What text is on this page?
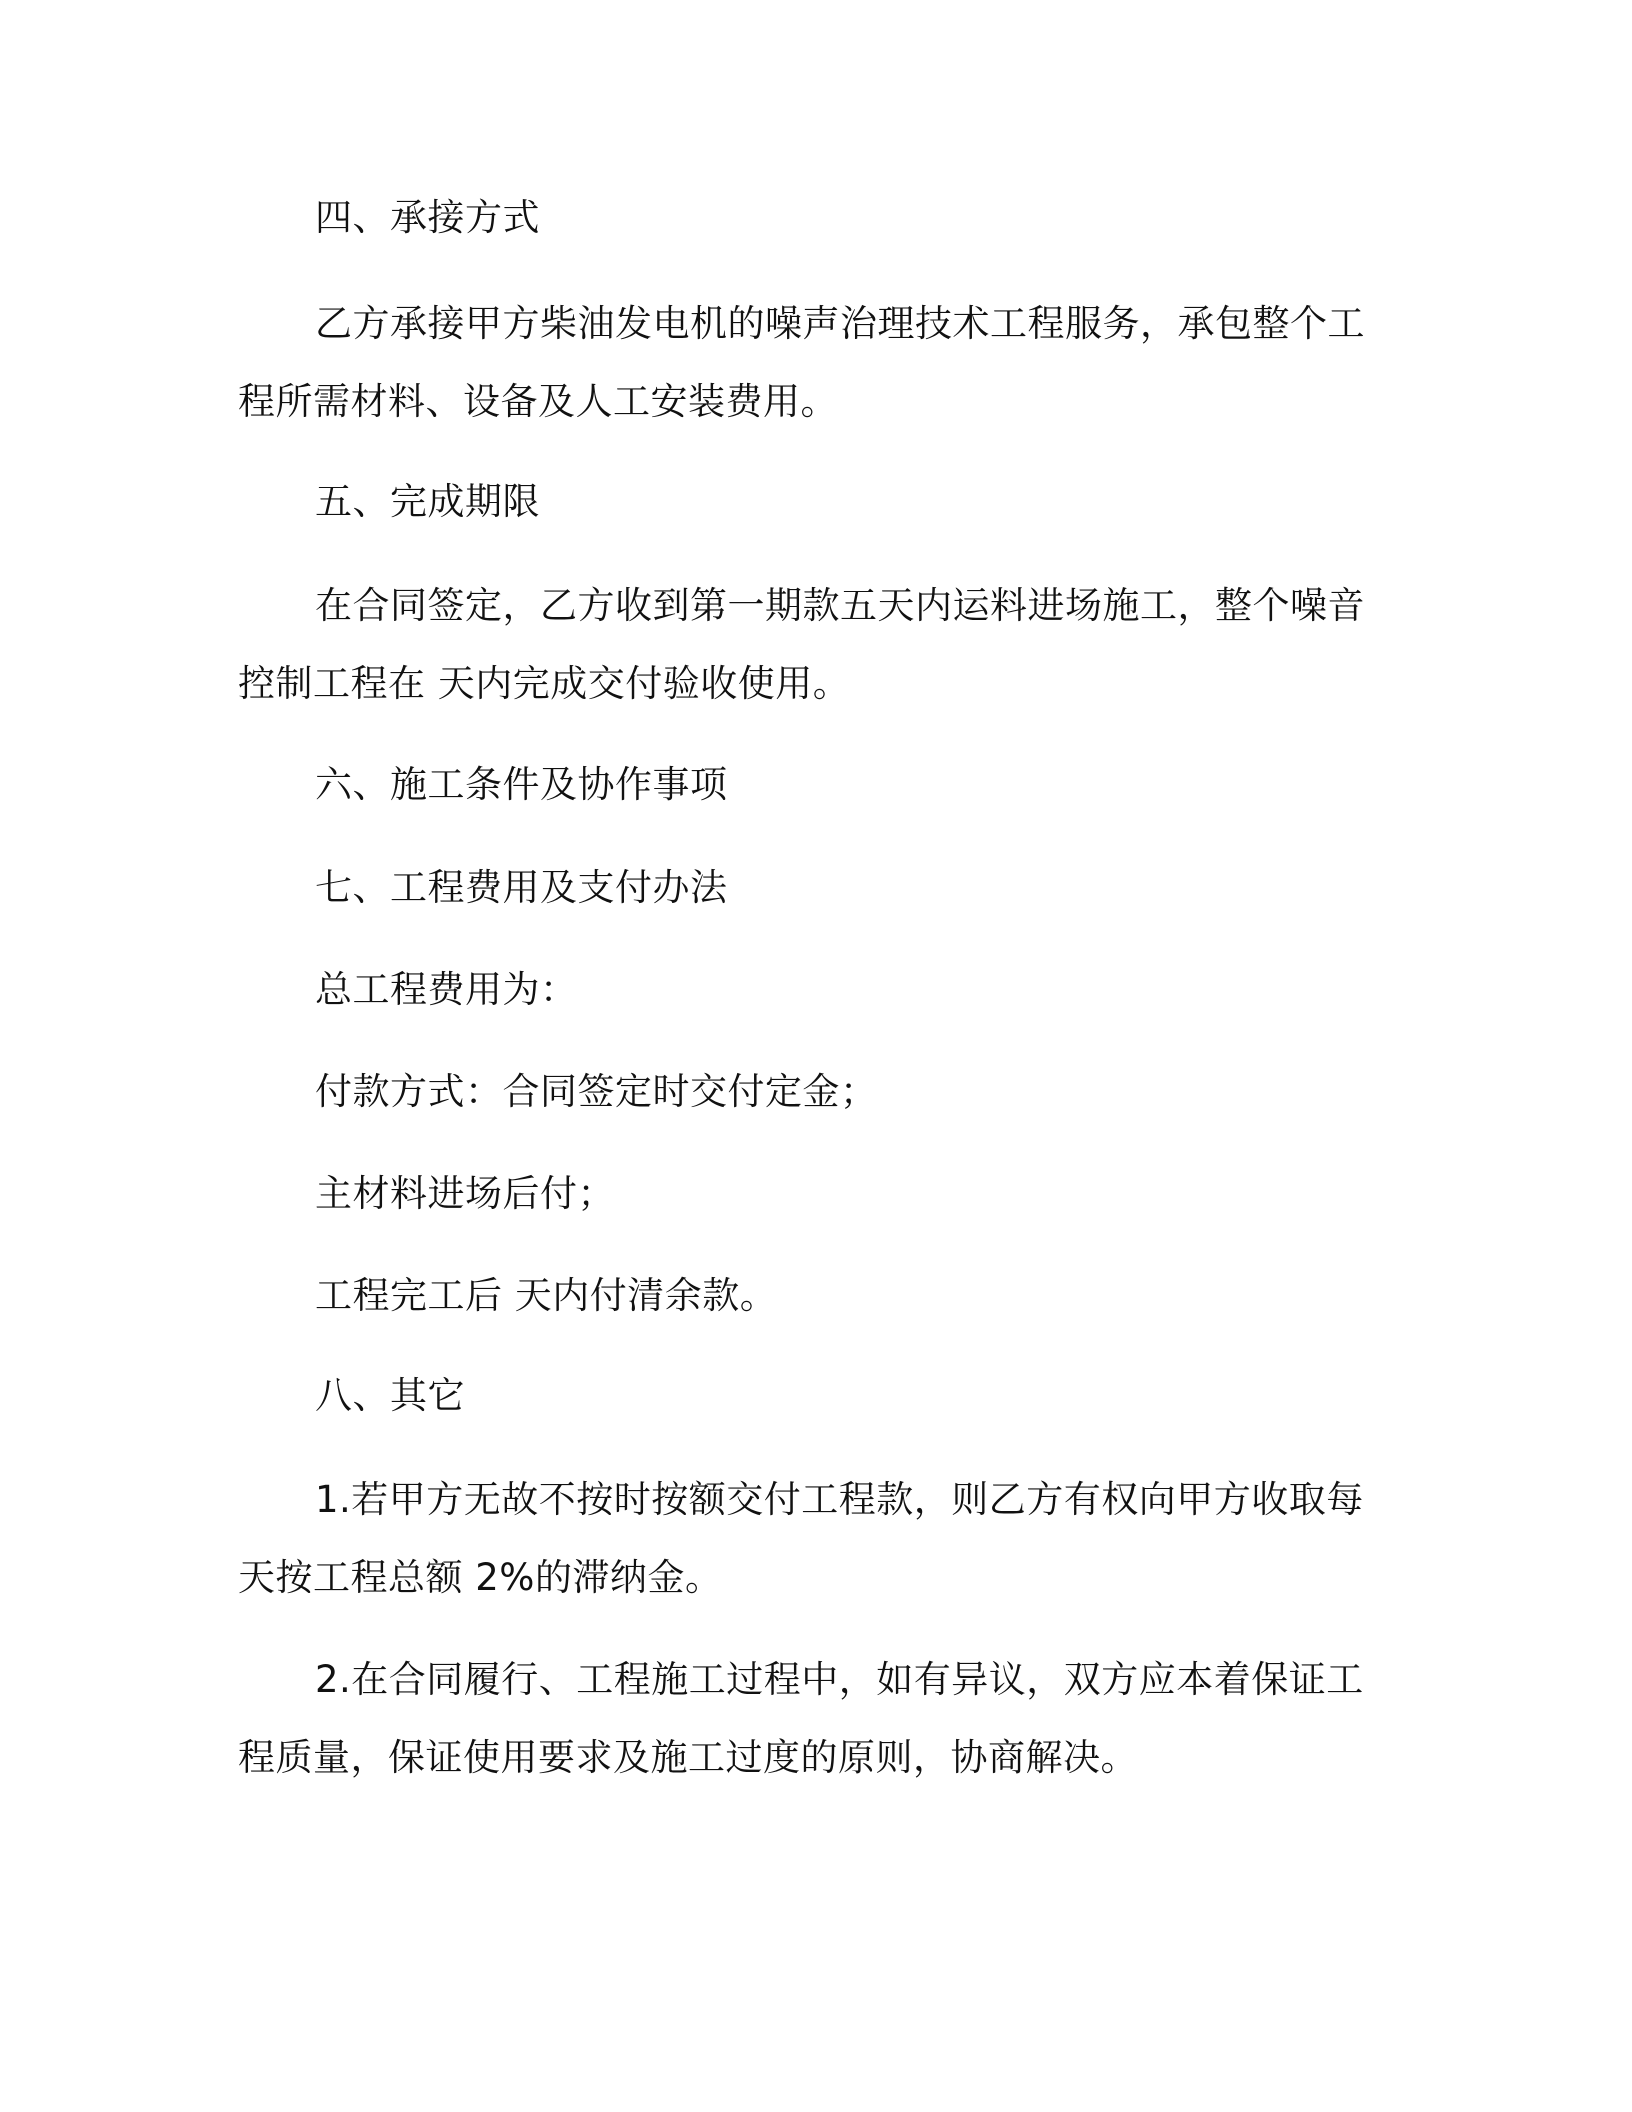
四、承接方式
乙方承接甲方柴油发电机的噪声治理技术工程服务，承包整个工
程所需材料、设备及人工安装费用。
五、完成期限
在合同签定，乙方收到第一期款五天内运料进场施工，整个噪音
控制工程在 天内完成交付验收使用。
六、施工条件及协作事项
七、工程费用及支付办法
总工程费用为：
付款方式：合同签定时交付定金；
主材料进场后付；
工程完工后 天内付清余款。
八、其它
1.若甲方无故不按时按额交付工程款，则乙方有权向甲方收取每
天按工程总额 2%的滞纳金。
2.在合同履行、工程施工过程中，如有异议，双方应本着保证工
程质量，保证使用要求及施工过度的原则，协商解决。
